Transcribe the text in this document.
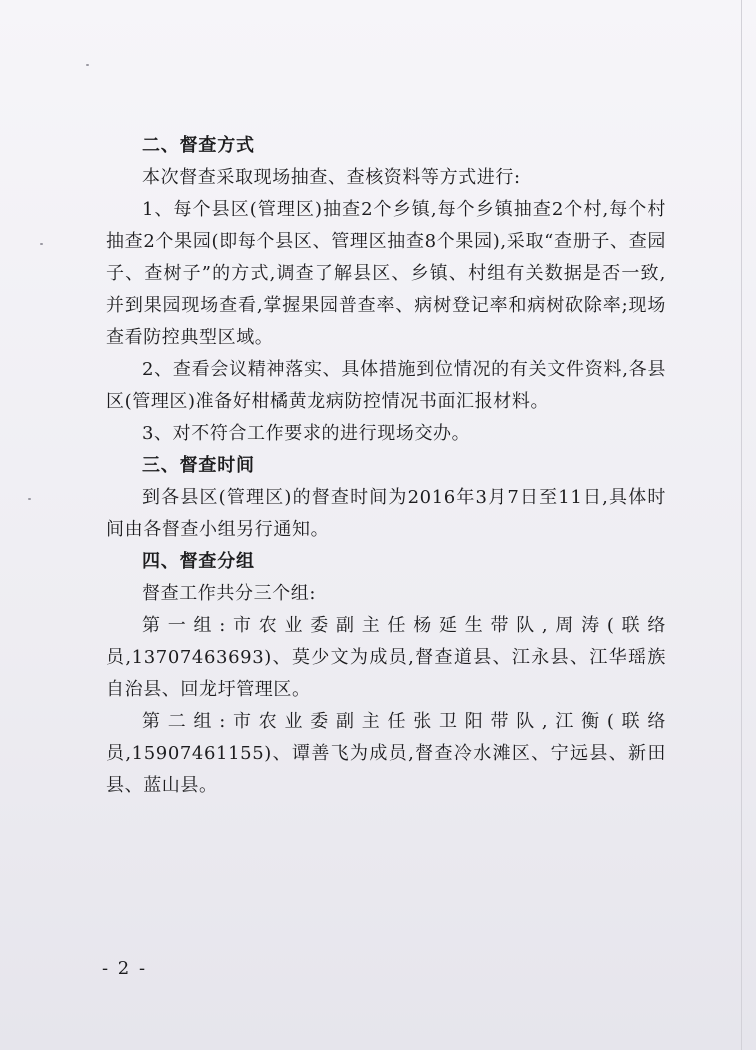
二、督查方式

本次督查采取现场抽查、查核资料等方式进行:

1、每个县区(管理区)抽查2个乡镇,每个乡镇抽查2个村,每个村抽查2个果园(即每个县区、管理区抽查8个果园),采取“查册子、查园子、查树子”的方式,调查了解县区、乡镇、村组有关数据是否一致,并到果园现场查看,掌握果园普查率、病树登记率和病树砍除率;现场查看防控典型区域。

2、查看会议精神落实、具体措施到位情况的有关文件资料,各县区(管理区)准备好柑橘黄龙病防控情况书面汇报材料。

3、对不符合工作要求的进行现场交办。

三、督查时间

到各县区(管理区)的督查时间为2016年3月7日至11日,具体时间由各督查小组另行通知。

四、督查分组

督查工作共分三个组:

第一组:市农业委副主任杨延生带队,周涛(联络员,13707463693)、莫少文为成员,督查道县、江永县、江华瑶族自治县、回龙圩管理区。

第二组:市农业委副主任张卫阳带队,江衡(联络员,15907461155)、谭善飞为成员,督查冷水滩区、宁远县、新田县、蓝山县。

- 2 -
